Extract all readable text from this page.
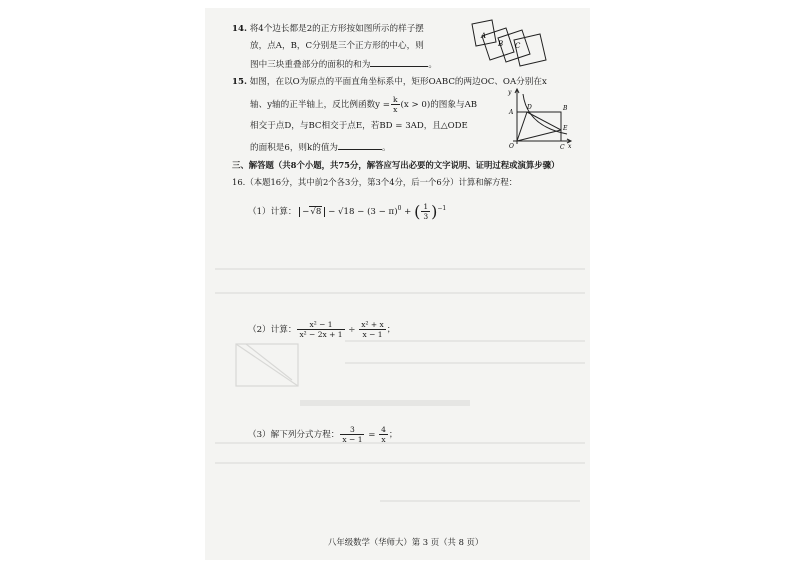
14. 将4个边长都是2的正方形按如图所示的样子摆
放，点A，B，C分别是三个正方形的中心，则
图中三块重叠部分的面积的和为	。
A
B C
15. 如图，在以O为原点的平面直角坐标系中，矩形OABC的两边OC、OA分别在x
轴、y轴的正半轴上，反比例函数$y = \frac{k}{x} (x > 0)$的图象与AB
相交于点D，与BC相交于点E，若BD = 3AD，且△ODE
的面积是6，则k的值为	。
y
x
O
A
B
C
D
E
三、解答题（共8个小题，共75分，解答应写出必要的文字说明、证明过程或演算步骤）
16.（本题16分，其中前2个各3分，第3个4分，后一个6分）计算和解方程：
（1）计算： $-√8 - √18 - (3 - \pi)^0$ + ( $\frac{1}{3} )^{-1}$
（2）计算： $\frac{\text{x² − 1}}{\text{x² − 2x + 1}} \div \frac{\text{x² + x}}{x - 1}$ ；
（3）解下列分式方程： $\frac{3}{x - 1} = \frac{4}{x}$ ；
八年级数学（华师大）第 3 页（共 8 页）
